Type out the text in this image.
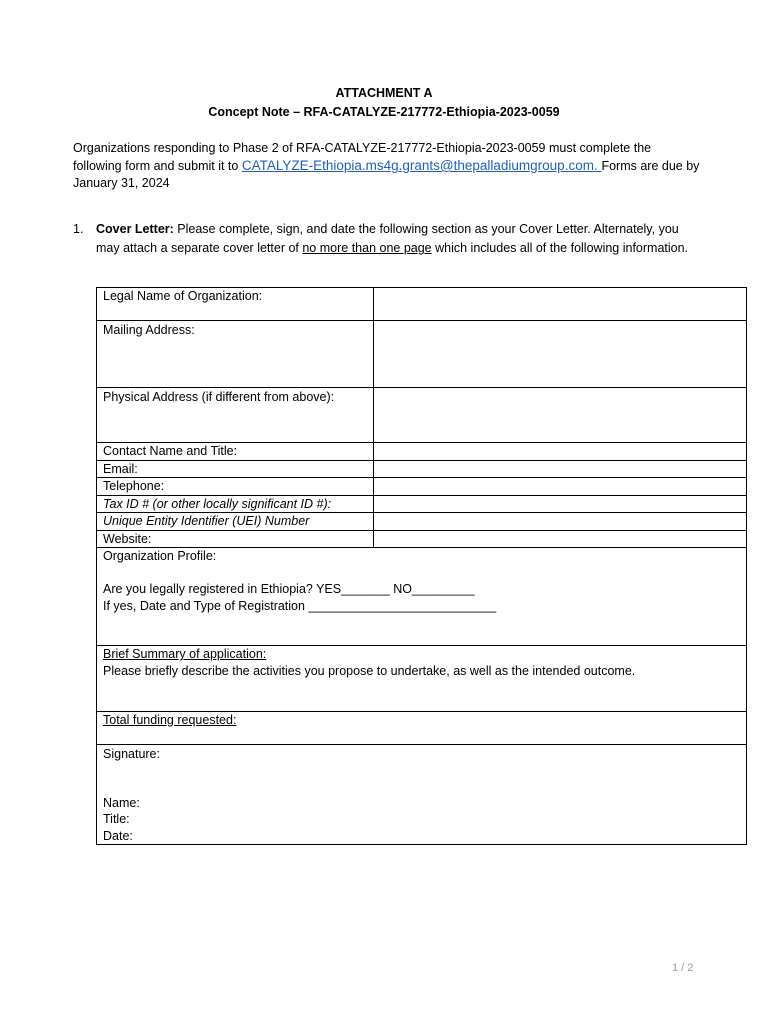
ATTACHMENT A
Concept Note – RFA-CATALYZE-217772-Ethiopia-2023-0059
Organizations responding to Phase 2 of RFA-CATALYZE-217772-Ethiopia-2023-0059 must complete the following form and submit it to CATALYZE-Ethiopia.ms4g.grants@thepalladiumgroup.com. Forms are due by January 31, 2024
1. Cover Letter: Please complete, sign, and date the following section as your Cover Letter. Alternately, you may attach a separate cover letter of no more than one page which includes all of the following information.
Legal Name of Organization:	

Mailing Address:	

Physical Address (if different from above):	

Contact Name and Title:	
Email:	
Telephone:	
Tax ID # (or other locally significant ID #):	
Unique Entity Identifier (UEI) Number	
Website:	

Organization Profile:
Are you legally registered in Ethiopia? YES_______ NO_________
If yes, Date and Type of Registration ___________________________	

Brief Summary of application:
Please briefly describe the activities you propose to undertake, as well as the intended outcome.	

Total funding requested:	

Signature:
Name:
Title:
Date:	
1 / 2
